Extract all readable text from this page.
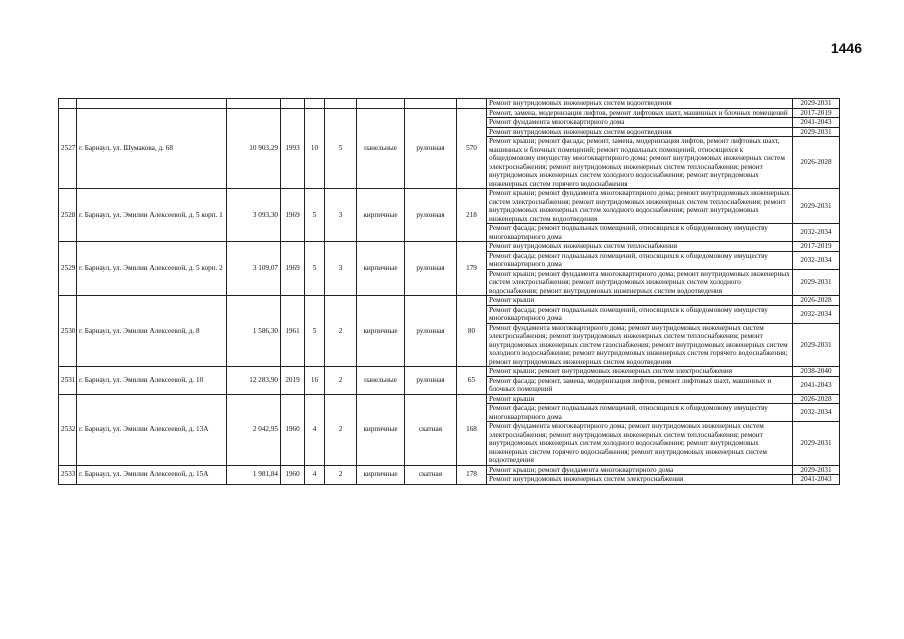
1446
									Ремонт внутридомовых инженерных систем водоотведения	2029-2031
2527	г. Барнаул, ул. Шумакова, д. 68	10 903,29	1993	10	5	панельные	рулонная	570	Ремонт, замена, модернизация лифтов, ремонт лифтовых шахт, машинных и блочных помещений	2017-2019
									Ремонт фундамента многоквартирного дома	2041-2043
									Ремонт внутридомовых инженерных систем водоотведения	2029-2031
									Ремонт крыши; ремонт фасада; ремонт, замена, модернизация лифтов, ремонт лифтовых шахт, машинных и блочных помещений; ремонт подвальных помещений, относящихся к общедомовому имуществу многоквартирного дома; ремонт внутридомовых инженерных систем электроснабжения; ремонт внутридомовых инженерных систем теплоснабжения; ремонт внутридомовых инженерных систем холодного водоснабжения; ремонт внутридомовых инженерных систем горячего водоснабжения	2026-2028
2528	г. Барнаул, ул. Эмилии Алексеевой, д. 5 корп. 1	3 093,30	1969	5	3	кирпичные	рулонная	218	Ремонт крыши; ремонт фундамента многоквартирного дома; ремонт внутридомовых инженерных систем электроснабжения; ремонт внутридомовых инженерных систем теплоснабжения; ремонт внутридомовых инженерных систем холодного водоснабжения; ремонт внутридомовых инженерных систем водоотведения	2029-2031
									Ремонт фасада; ремонт подвальных помещений, относящихся к общедомовому имуществу многоквартирного дома	2032-2034
2529	г. Барнаул, ул. Эмилии Алексеевой, д. 5 корп. 2	3 109,07	1969	5	3	кирпичные	рулонная	179	Ремонт внутридомовых инженерных систем теплоснабжения	2017-2019
									Ремонт фасада; ремонт подвальных помещений, относящихся к общедомовому имуществу многоквартирного дома	2032-2034
									Ремонт крыши; ремонт фундамента многоквартирного дома; ремонт внутридомовых инженерных систем электроснабжения; ремонт внутридомовых инженерных систем холодного водоснабжения; ремонт внутридомовых инженерных систем водоотведения	2029-2031
2530	г. Барнаул, ул. Эмилии Алексеевой, д. 8	1 586,30	1961	5	2	кирпичные	рулонная	80	Ремонт крыши	2026-2028
									Ремонт фасада; ремонт подвальных помещений, относящихся к общедомовому имуществу многоквартирного дома	2032-2034
									Ремонт фундамента многоквартирного дома; ремонт внутридомовых инженерных систем электроснабжения; ремонт внутридомовых инженерных систем теплоснабжения; ремонт внутридомовых инженерных систем газоснабжения; ремонт внутридомовых инженерных систем холодного водоснабжения; ремонт внутридомовых инженерных систем горячего водоснабжения; ремонт внутридомовых инженерных систем водоотведения	2029-2031
2531	г. Барнаул, ул. Эмилии Алексеевой, д. 10	12 283,90	2019	16	2	панельные	рулонная	65	Ремонт крыши; ремонт внутридомовых инженерных систем электроснабжения	2038-2040
									Ремонт фасада; ремонт, замена, модернизация лифтов, ремонт лифтовых шахт, машинных и блочных помещений	2041-2043
2532	г. Барнаул, ул. Эмилии Алексеевой, д. 13А	2 042,95	1960	4	2	кирпичные	скатная	168	Ремонт крыши	2026-2028
									Ремонт фасада; ремонт подвальных помещений, относящихся к общедомовому имуществу многоквартирного дома	2032-2034
									Ремонт фундамента многоквартирного дома; ремонт внутридомовых инженерных систем электроснабжения; ремонт внутридомовых инженерных систем теплоснабжения; ремонт внутридомовых инженерных систем холодного водоснабжения; ремонт внутридомовых инженерных систем горячего водоснабжения; ремонт внутридомовых инженерных систем водоотведения	2029-2031
2533	г. Барнаул, ул. Эмилии Алексеевой, д. 15А	1 981,84	1960	4	2	кирпичные	скатная	178	Ремонт крыши; ремонт фундамента многоквартирного дома	2029-2031
									Ремонт внутридомовых инженерных систем электроснабжения	2041-2043
